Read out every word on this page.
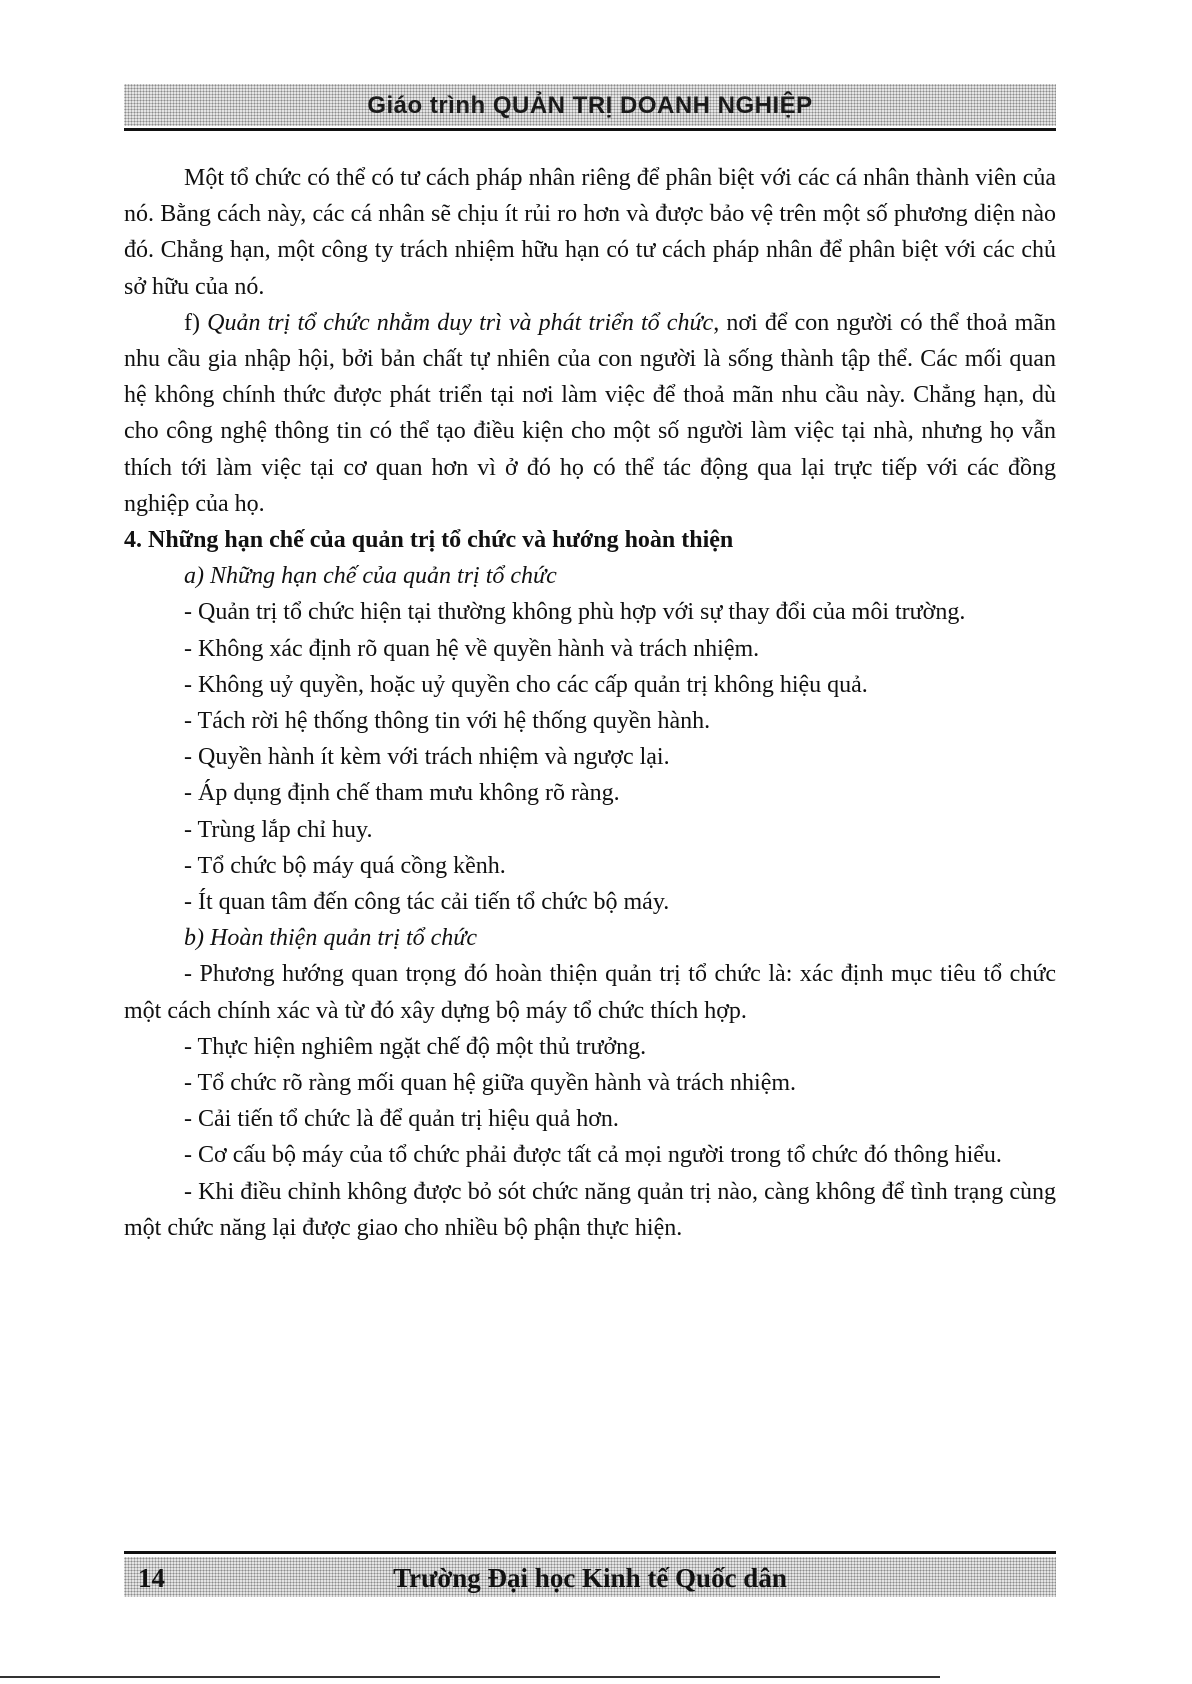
Giáo trình QUẢN TRỊ DOANH NGHIỆP

Một tổ chức có thể có tư cách pháp nhân riêng để phân biệt với các cá nhân thành viên của nó. Bằng cách này, các cá nhân sẽ chịu ít rủi ro hơn và được bảo vệ trên một số phương diện nào đó. Chẳng hạn, một công ty trách nhiệm hữu hạn có tư cách pháp nhân để phân biệt với các chủ sở hữu của nó.

f) Quản trị tổ chức nhằm duy trì và phát triển tổ chức, nơi để con người có thể thoả mãn nhu cầu gia nhập hội, bởi bản chất tự nhiên của con người là sống thành tập thể. Các mối quan hệ không chính thức được phát triển tại nơi làm việc để thoả mãn nhu cầu này. Chẳng hạn, dù cho công nghệ thông tin có thể tạo điều kiện cho một số người làm việc tại nhà, nhưng họ vẫn thích tới làm việc tại cơ quan hơn vì ở đó họ có thể tác động qua lại trực tiếp với các đồng nghiệp của họ.

4. Những hạn chế của quản trị tổ chức và hướng hoàn thiện

a) Những hạn chế của quản trị tổ chức

- Quản trị tổ chức hiện tại thường không phù hợp với sự thay đổi của môi trường.

- Không xác định rõ quan hệ về quyền hành và trách nhiệm.

- Không uỷ quyền, hoặc uỷ quyền cho các cấp quản trị không hiệu quả.

- Tách rời hệ thống thông tin với hệ thống quyền hành.

- Quyền hành ít kèm với trách nhiệm và ngược lại.

- Áp dụng định chế tham mưu không rõ ràng.

- Trùng lắp chỉ huy.

- Tổ chức bộ máy quá cồng kềnh.

- Ít quan tâm đến công tác cải tiến tổ chức bộ máy.

b) Hoàn thiện quản trị tổ chức

- Phương hướng quan trọng đó hoàn thiện quản trị tổ chức là: xác định mục tiêu tổ chức một cách chính xác và từ đó xây dựng bộ máy tổ chức thích hợp.

- Thực hiện nghiêm ngặt chế độ một thủ trưởng.

- Tổ chức rõ ràng mối quan hệ giữa quyền hành và trách nhiệm.

- Cải tiến tổ chức là để quản trị hiệu quả hơn.

- Cơ cấu bộ máy của tổ chức phải được tất cả mọi người trong tổ chức đó thông hiểu.

- Khi điều chỉnh không được bỏ sót chức năng quản trị nào, càng không để tình trạng cùng một chức năng lại được giao cho nhiều bộ phận thực hiện.

14	Trường Đại học Kinh tế Quốc dân
